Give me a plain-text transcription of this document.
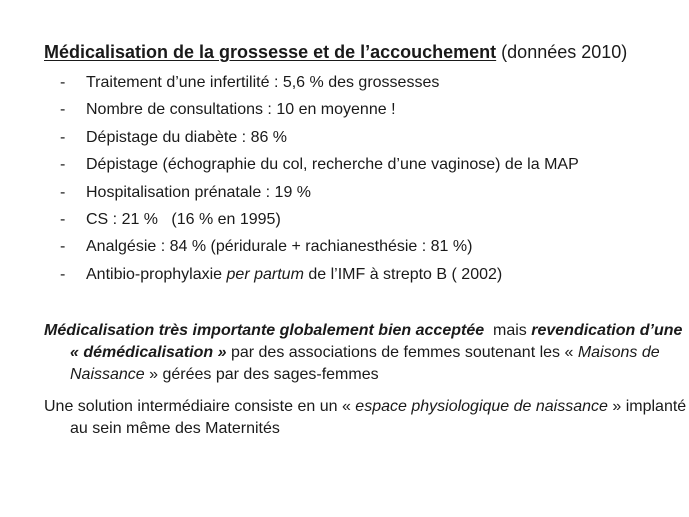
Médicalisation de la grossesse et de l’accouchement (données 2010)
-	Traitement d’une infertilité : 5,6 % des grossesses
-	Nombre de consultations : 10 en moyenne !
-	Dépistage du diabète : 86 %
-	Dépistage (échographie du col, recherche d’une vaginose) de la MAP
-	Hospitalisation prénatale : 19 %
-	CS : 21 %   (16 % en 1995)
-	Analgésie : 84 % (péridurale + rachianesthésie : 81 %)
-	Antibio-prophylaxie per partum de l’IMF à strepto B ( 2002)
Médicalisation très importante globalement bien acceptée  mais revendication d’une « démédicalisation » par des associations de femmes soutenant les « Maisons de Naissance » gérées par des sages-femmes
Une solution intermédiaire consiste en un « espace physiologique de naissance » implanté au sein même des Maternités
